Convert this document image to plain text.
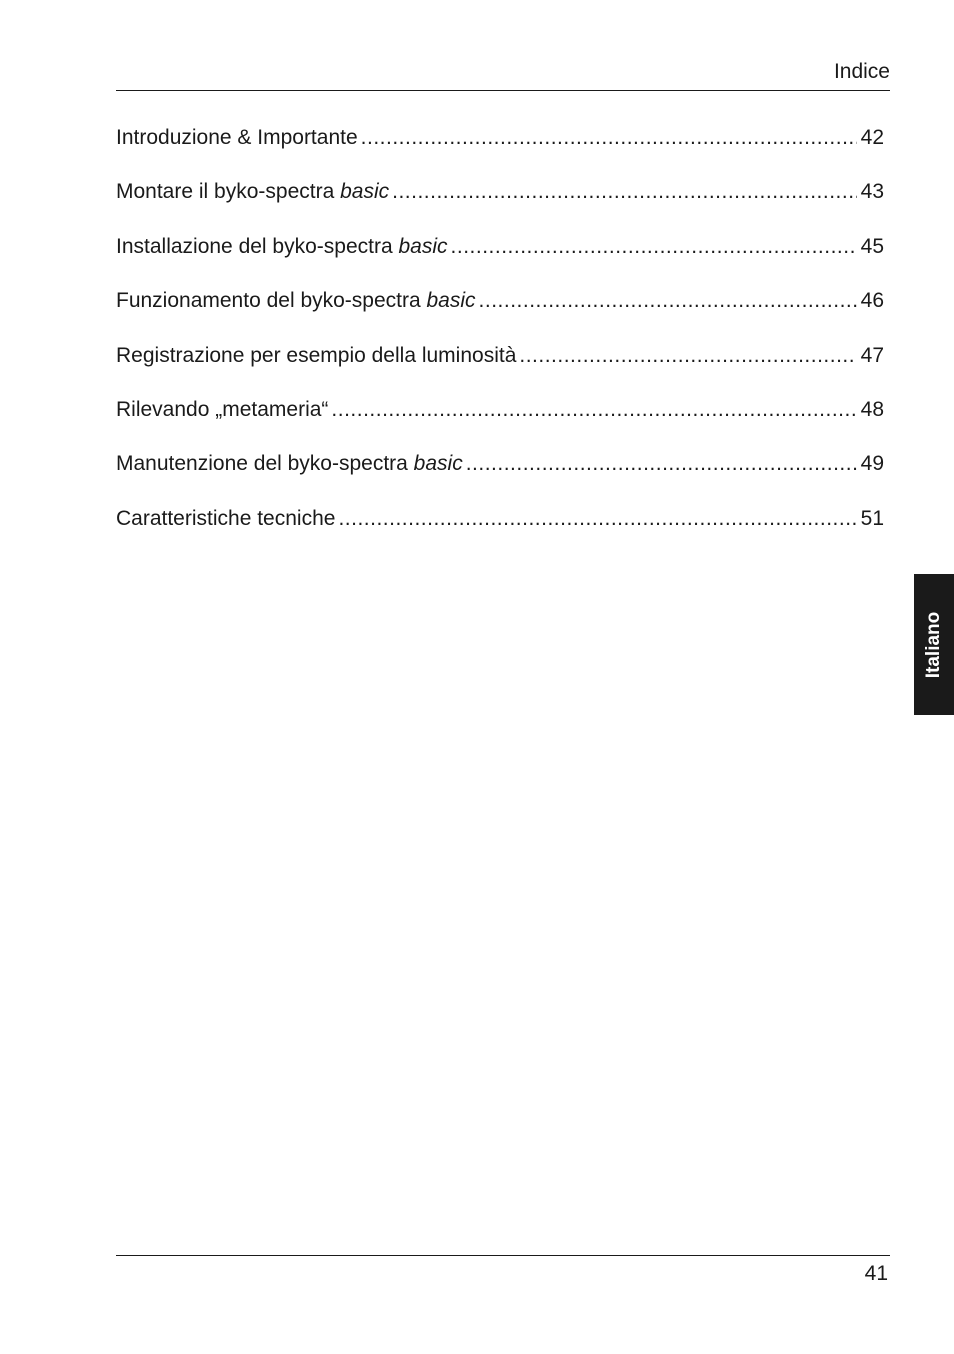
Indice
Introduzione & Importante .....	42
Montare il byko-spectra basic .....	43
Installazione del byko-spectra basic .....	45
Funzionamento del byko-spectra basic .....	46
Registrazione per esempio della luminosità .....	47
Rilevando „metameria“ .....	48
Manutenzione del byko-spectra basic .....	49
Caratteristiche tecniche .....	51
Italiano
41
